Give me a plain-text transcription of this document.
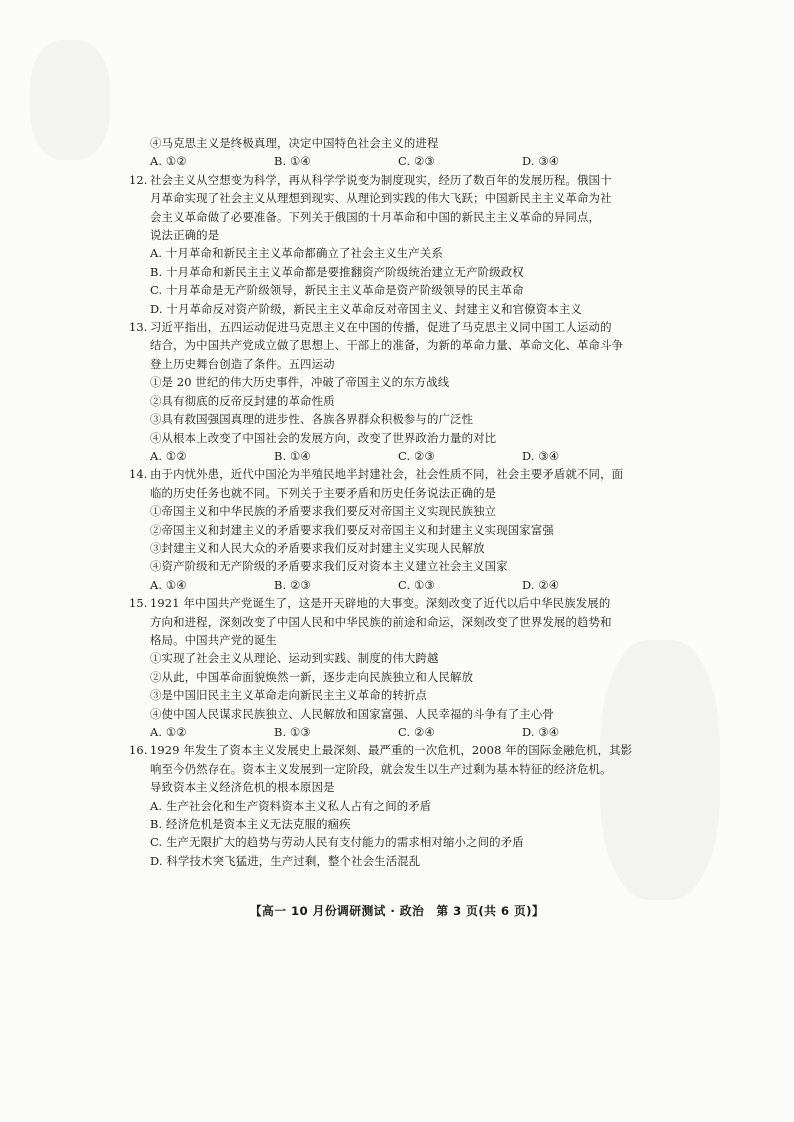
④马克思主义是终极真理，决定中国特色社会主义的进程
A. ①②	B. ①④	C. ②③	D. ③④
12. 社会主义从空想变为科学，再从科学学说变为制度现实，经历了数百年的发展历程。俄国十
月革命实现了社会主义从理想到现实、从理论到实践的伟大飞跃；中国新民主主义革命为社
会主义革命做了必要准备。下列关于俄国的十月革命和中国的新民主主义革命的异同点，
说法正确的是
A. 十月革命和新民主主义革命都确立了社会主义生产关系
B. 十月革命和新民主主义革命都是要推翻资产阶级统治建立无产阶级政权
C. 十月革命是无产阶级领导，新民主主义革命是资产阶级领导的民主革命
D. 十月革命反对资产阶级，新民主主义革命反对帝国主义、封建主义和官僚资本主义
13. 习近平指出，五四运动促进马克思主义在中国的传播，促进了马克思主义同中国工人运动的
结合，为中国共产党成立做了思想上、干部上的准备，为新的革命力量、革命文化、革命斗争
登上历史舞台创造了条件。五四运动
①是 20 世纪的伟大历史事件，冲破了帝国主义的东方战线
②具有彻底的反帝反封建的革命性质
③具有救国强国真理的进步性、各族各界群众积极参与的广泛性
④从根本上改变了中国社会的发展方向，改变了世界政治力量的对比
A. ①②	B. ①④	C. ②③	D. ③④
14. 由于内忧外患，近代中国沦为半殖民地半封建社会，社会性质不同，社会主要矛盾就不同，面
临的历史任务也就不同。下列关于主要矛盾和历史任务说法正确的是
①帝国主义和中华民族的矛盾要求我们要反对帝国主义实现民族独立
②帝国主义和封建主义的矛盾要求我们要反对帝国主义和封建主义实现国家富强
③封建主义和人民大众的矛盾要求我们反对封建主义实现人民解放
④资产阶级和无产阶级的矛盾要求我们反对资本主义建立社会主义国家
A. ①④	B. ②③	C. ①③	D. ②④
15. 1921 年中国共产党诞生了，这是开天辟地的大事变。深刻改变了近代以后中华民族发展的
方向和进程，深刻改变了中国人民和中华民族的前途和命运，深刻改变了世界发展的趋势和
格局。中国共产党的诞生
①实现了社会主义从理论、运动到实践、制度的伟大跨越
②从此，中国革命面貌焕然一新，逐步走向民族独立和人民解放
③是中国旧民主主义革命走向新民主主义革命的转折点
④使中国人民谋求民族独立、人民解放和国家富强、人民幸福的斗争有了主心骨
A. ①②	B. ①③	C. ②④	D. ③④
16. 1929 年发生了资本主义发展史上最深刻、最严重的一次危机，2008 年的国际金融危机，其影
响至今仍然存在。资本主义发展到一定阶段，就会发生以生产过剩为基本特征的经济危机。
导致资本主义经济危机的根本原因是
A. 生产社会化和生产资料资本主义私人占有之间的矛盾
B. 经济危机是资本主义无法克服的痼疾
C. 生产无限扩大的趋势与劳动人民有支付能力的需求相对缩小之间的矛盾
D. 科学技术突飞猛进，生产过剩，整个社会生活混乱
【高一 10 月份调研测试 · 政治　第 3 页(共 6 页)】
